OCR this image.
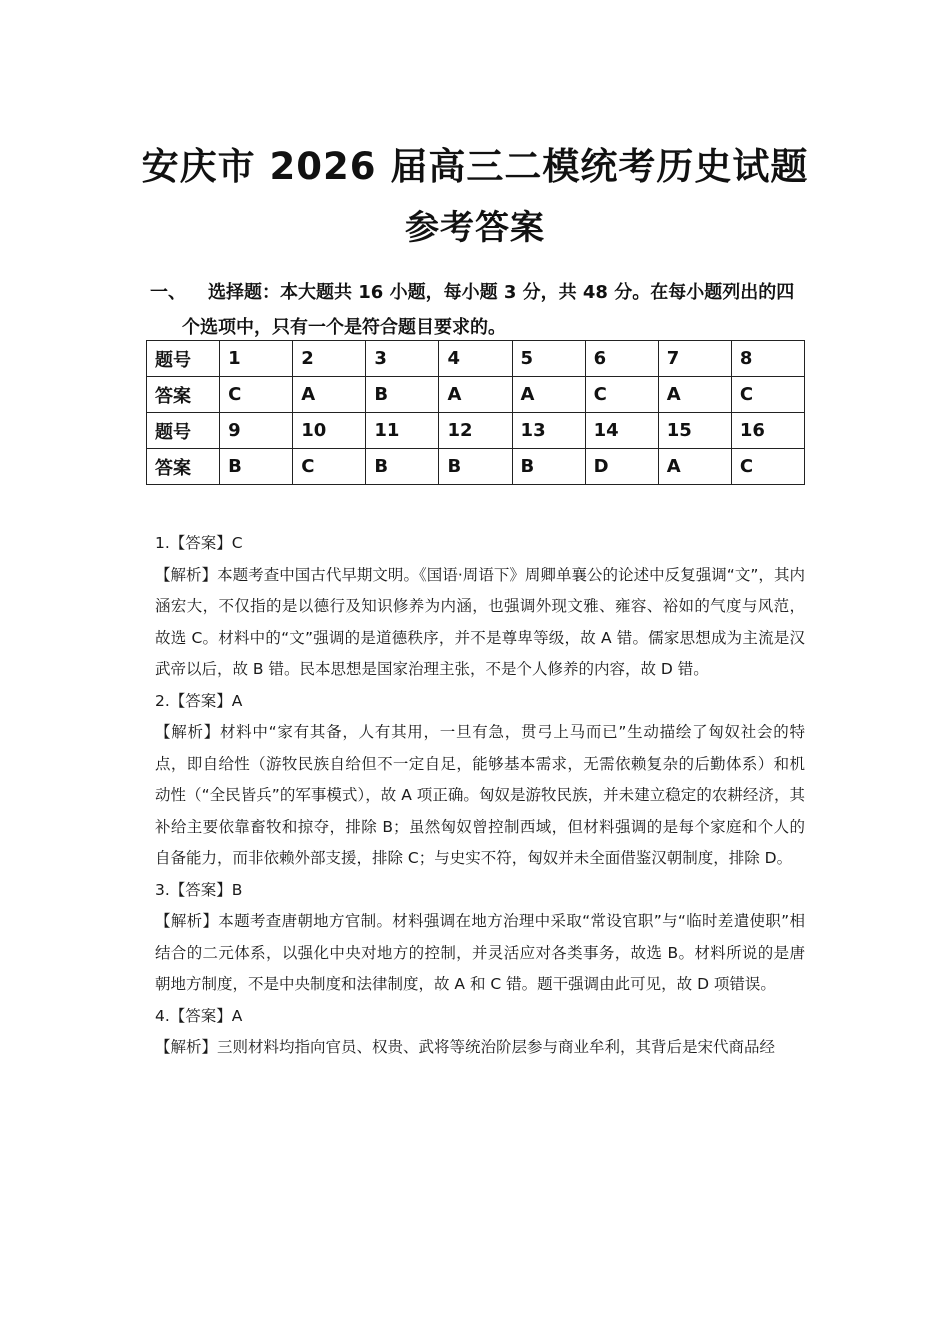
安庆市 2026 届高三二模统考历史试题
参考答案
一、 选择题：本大题共 16 小题，每小题 3 分，共 48 分。在每小题列出的四
个选项中，只有一个是符合题目要求的。
题号	1	2	3	4	5	6	7	8
答案	C	A	B	A	A	C	A	C
题号	9	10	11	12	13	14	15	16
答案	B	C	B	B	B	D	A	C
1.【答案】C
【解析】本题考查中国古代早期文明。《国语·周语下》周卿单襄公的论述中反复强调“文”，其内涵宏大，不仅指的是以德行及知识修养为内涵，也强调外现文雅、雍容、裕如的气度与风范，故选 C。材料中的“文”强调的是道德秩序，并不是尊卑等级，故 A 错。儒家思想成为主流是汉武帝以后，故 B 错。民本思想是国家治理主张，不是个人修养的内容，故 D 错。
2.【答案】A
【解析】材料中“家有其备，人有其用，一旦有急，贯弓上马而已”生动描绘了匈奴社会的特点，即自给性（游牧民族自给但不一定自足，能够基本需求，无需依赖复杂的后勤体系）和机动性（“全民皆兵”的军事模式），故 A 项正确。匈奴是游牧民族，并未建立稳定的农耕经济，其补给主要依靠畜牧和掠夺，排除 B；虽然匈奴曾控制西域，但材料强调的是每个家庭和个人的自备能力，而非依赖外部支援，排除 C；与史实不符，匈奴并未全面借鉴汉朝制度，排除 D。
3.【答案】B
【解析】本题考查唐朝地方官制。材料强调在地方治理中采取“常设官职”与“临时差遣使职”相结合的二元体系，以强化中央对地方的控制，并灵活应对各类事务，故选 B。材料所说的是唐朝地方制度，不是中央制度和法律制度，故 A 和 C 错。题干强调由此可见，故 D 项错误。
4.【答案】A
【解析】三则材料均指向官员、权贵、武将等统治阶层参与商业牟利，其背后是宋代商品经
